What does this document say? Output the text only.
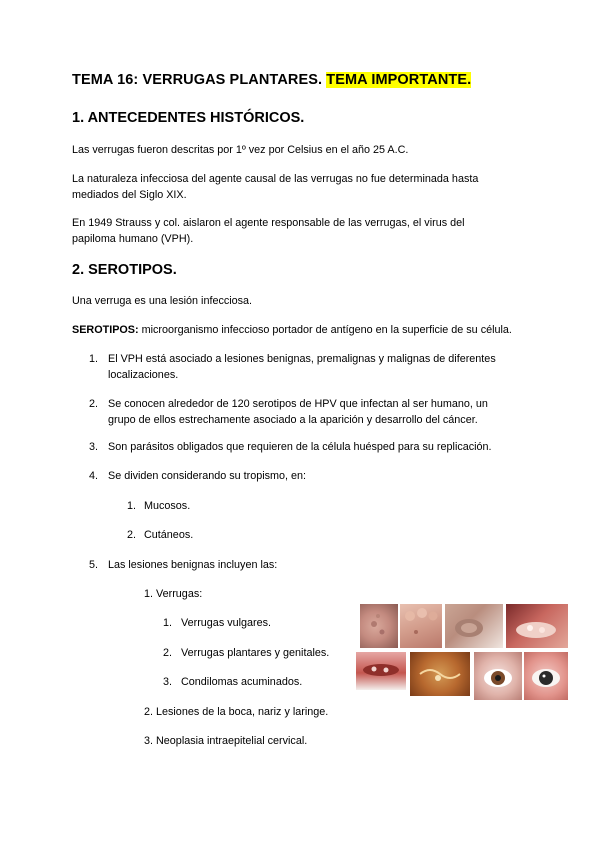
TEMA 16: VERRUGAS PLANTARES. TEMA IMPORTANTE.
1. ANTECEDENTES HISTÓRICOS.
Las verrugas fueron descritas por 1º vez por Celsius en el año 25 A.C.
La naturaleza infecciosa del agente causal de las verrugas no fue determinada hasta mediados del Siglo XIX.
En 1949 Strauss y col. aislaron el agente responsable de las verrugas, el virus del papiloma humano (VPH).
2. SEROTIPOS.
Una verruga es una lesión infecciosa.
SEROTIPOS: microorganismo infeccioso portador de antígeno en la superficie de su célula.
1. El VPH está asociado a lesiones benignas, premalignas y malignas de diferentes localizaciones.
2. Se conocen alrededor de 120 serotipos de HPV que infectan al ser humano, un grupo de ellos estrechamente asociado a la aparición y desarrollo del cáncer.
3. Son parásitos obligados que requieren de la célula huésped para su replicación.
4. Se dividen considerando su tropismo, en:
1. Mucosos.
2. Cutáneos.
5. Las lesiones benignas incluyen las:
1. Verrugas:
1. Verrugas vulgares.
2. Verrugas plantares y genitales.
3. Condilomas acuminados.
2. Lesiones de la boca, nariz y laringe.
3. Neoplasia intraepitelial cervical.
